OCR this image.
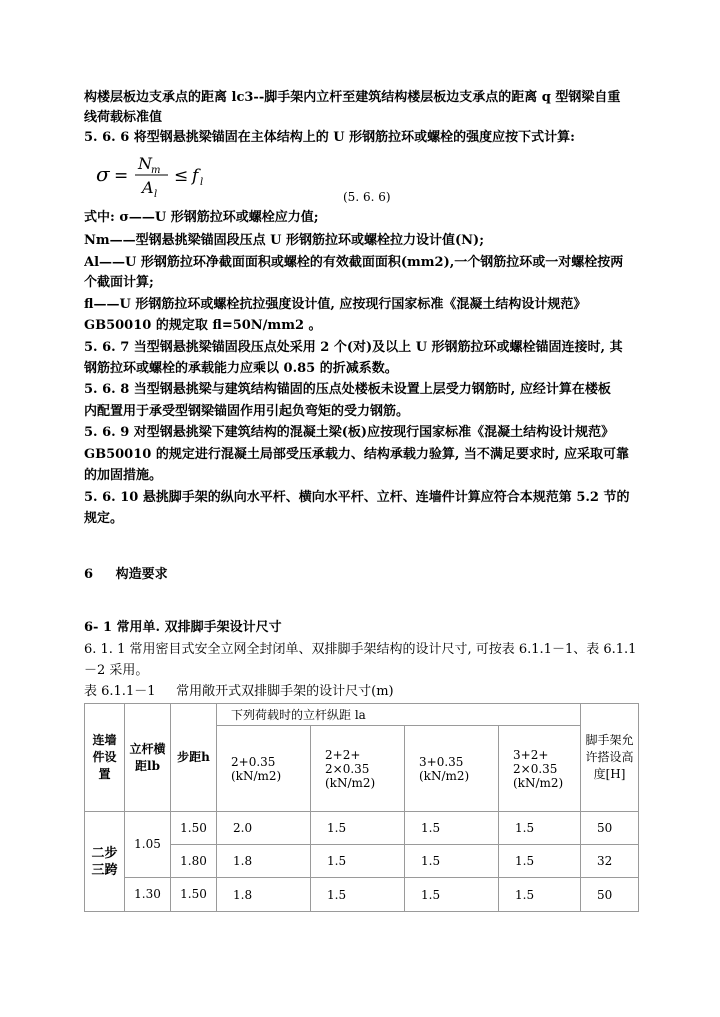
构楼层板边支承点的距离 lc3--脚手架内立杆至建筑结构楼层板边支承点的距离 q 型钢梁自重
线荷载标准值
5. 6. 6 将型钢悬挑梁锚固在主体结构上的 U 形钢筋拉环或螺栓的强度应按下式计算:
σ =
N m
A l
≤ f l
(5. 6. 6)
式中: σ——U 形钢筋拉环或螺栓应力值;
Nm——型钢悬挑梁锚固段压点 U 形钢筋拉环或螺栓拉力设计值(N);
Al——U 形钢筋拉环净截面面积或螺栓的有效截面面积(mm2),一个钢筋拉环或一对螺栓按两
个截面计算;
fl——U 形钢筋拉环或螺栓抗拉强度设计值, 应按现行国家标准《混凝土结构设计规范》
GB50010 的规定取 fl=50N/mm2 。
5. 6. 7 当型钢悬挑梁锚固段压点处采用 2 个(对)及以上 U 形钢筋拉环或螺栓锚固连接时, 其
钢筋拉环或螺栓的承载能力应乘以 0.85 的折减系数。
5. 6. 8 当型钢悬挑梁与建筑结构锚固的压点处楼板未设置上层受力钢筋时, 应经计算在楼板
内配置用于承受型钢梁锚固作用引起负弯矩的受力钢筋。
5. 6. 9 对型钢悬挑梁下建筑结构的混凝土梁(板)应按现行国家标准《混凝土结构设计规范》
GB50010 的规定进行混凝土局部受压承载力、结构承载力验算, 当不满足要求时, 应采取可靠
的加固措施。
5. 6. 10 悬挑脚手架的纵向水平杆、横向水平杆、立杆、连墙件计算应符合本规范第 5.2 节的
规定。
6     构造要求
6- 1 常用单. 双排脚手架设计尺寸
6. 1. 1 常用密目式安全立网全封闭单、双排脚手架结构的设计尺寸, 可按表 6.1.1－1、表 6.1.1
－2 采用。
表 6.1.1－1     常用敞开式双排脚手架的设计尺寸(m)
连墙件设置	立杆横距lb	步距h	下列荷载时的立杆纵距 la				脚手架允许搭设高度[H]
			2+0.35 (kN/m2)	2+2+ 2×0.35 (kN/m2)	3+0.35 (kN/m2)	3+2+ 2×0.35 (kN/m2)	
二步三跨	1.05	1.50	2.0	1.5	1.5	1.5	50
		1.80	1.8	1.5	1.5	1.5	32
	1.30	1.50	1.8	1.5	1.5	1.5	50
